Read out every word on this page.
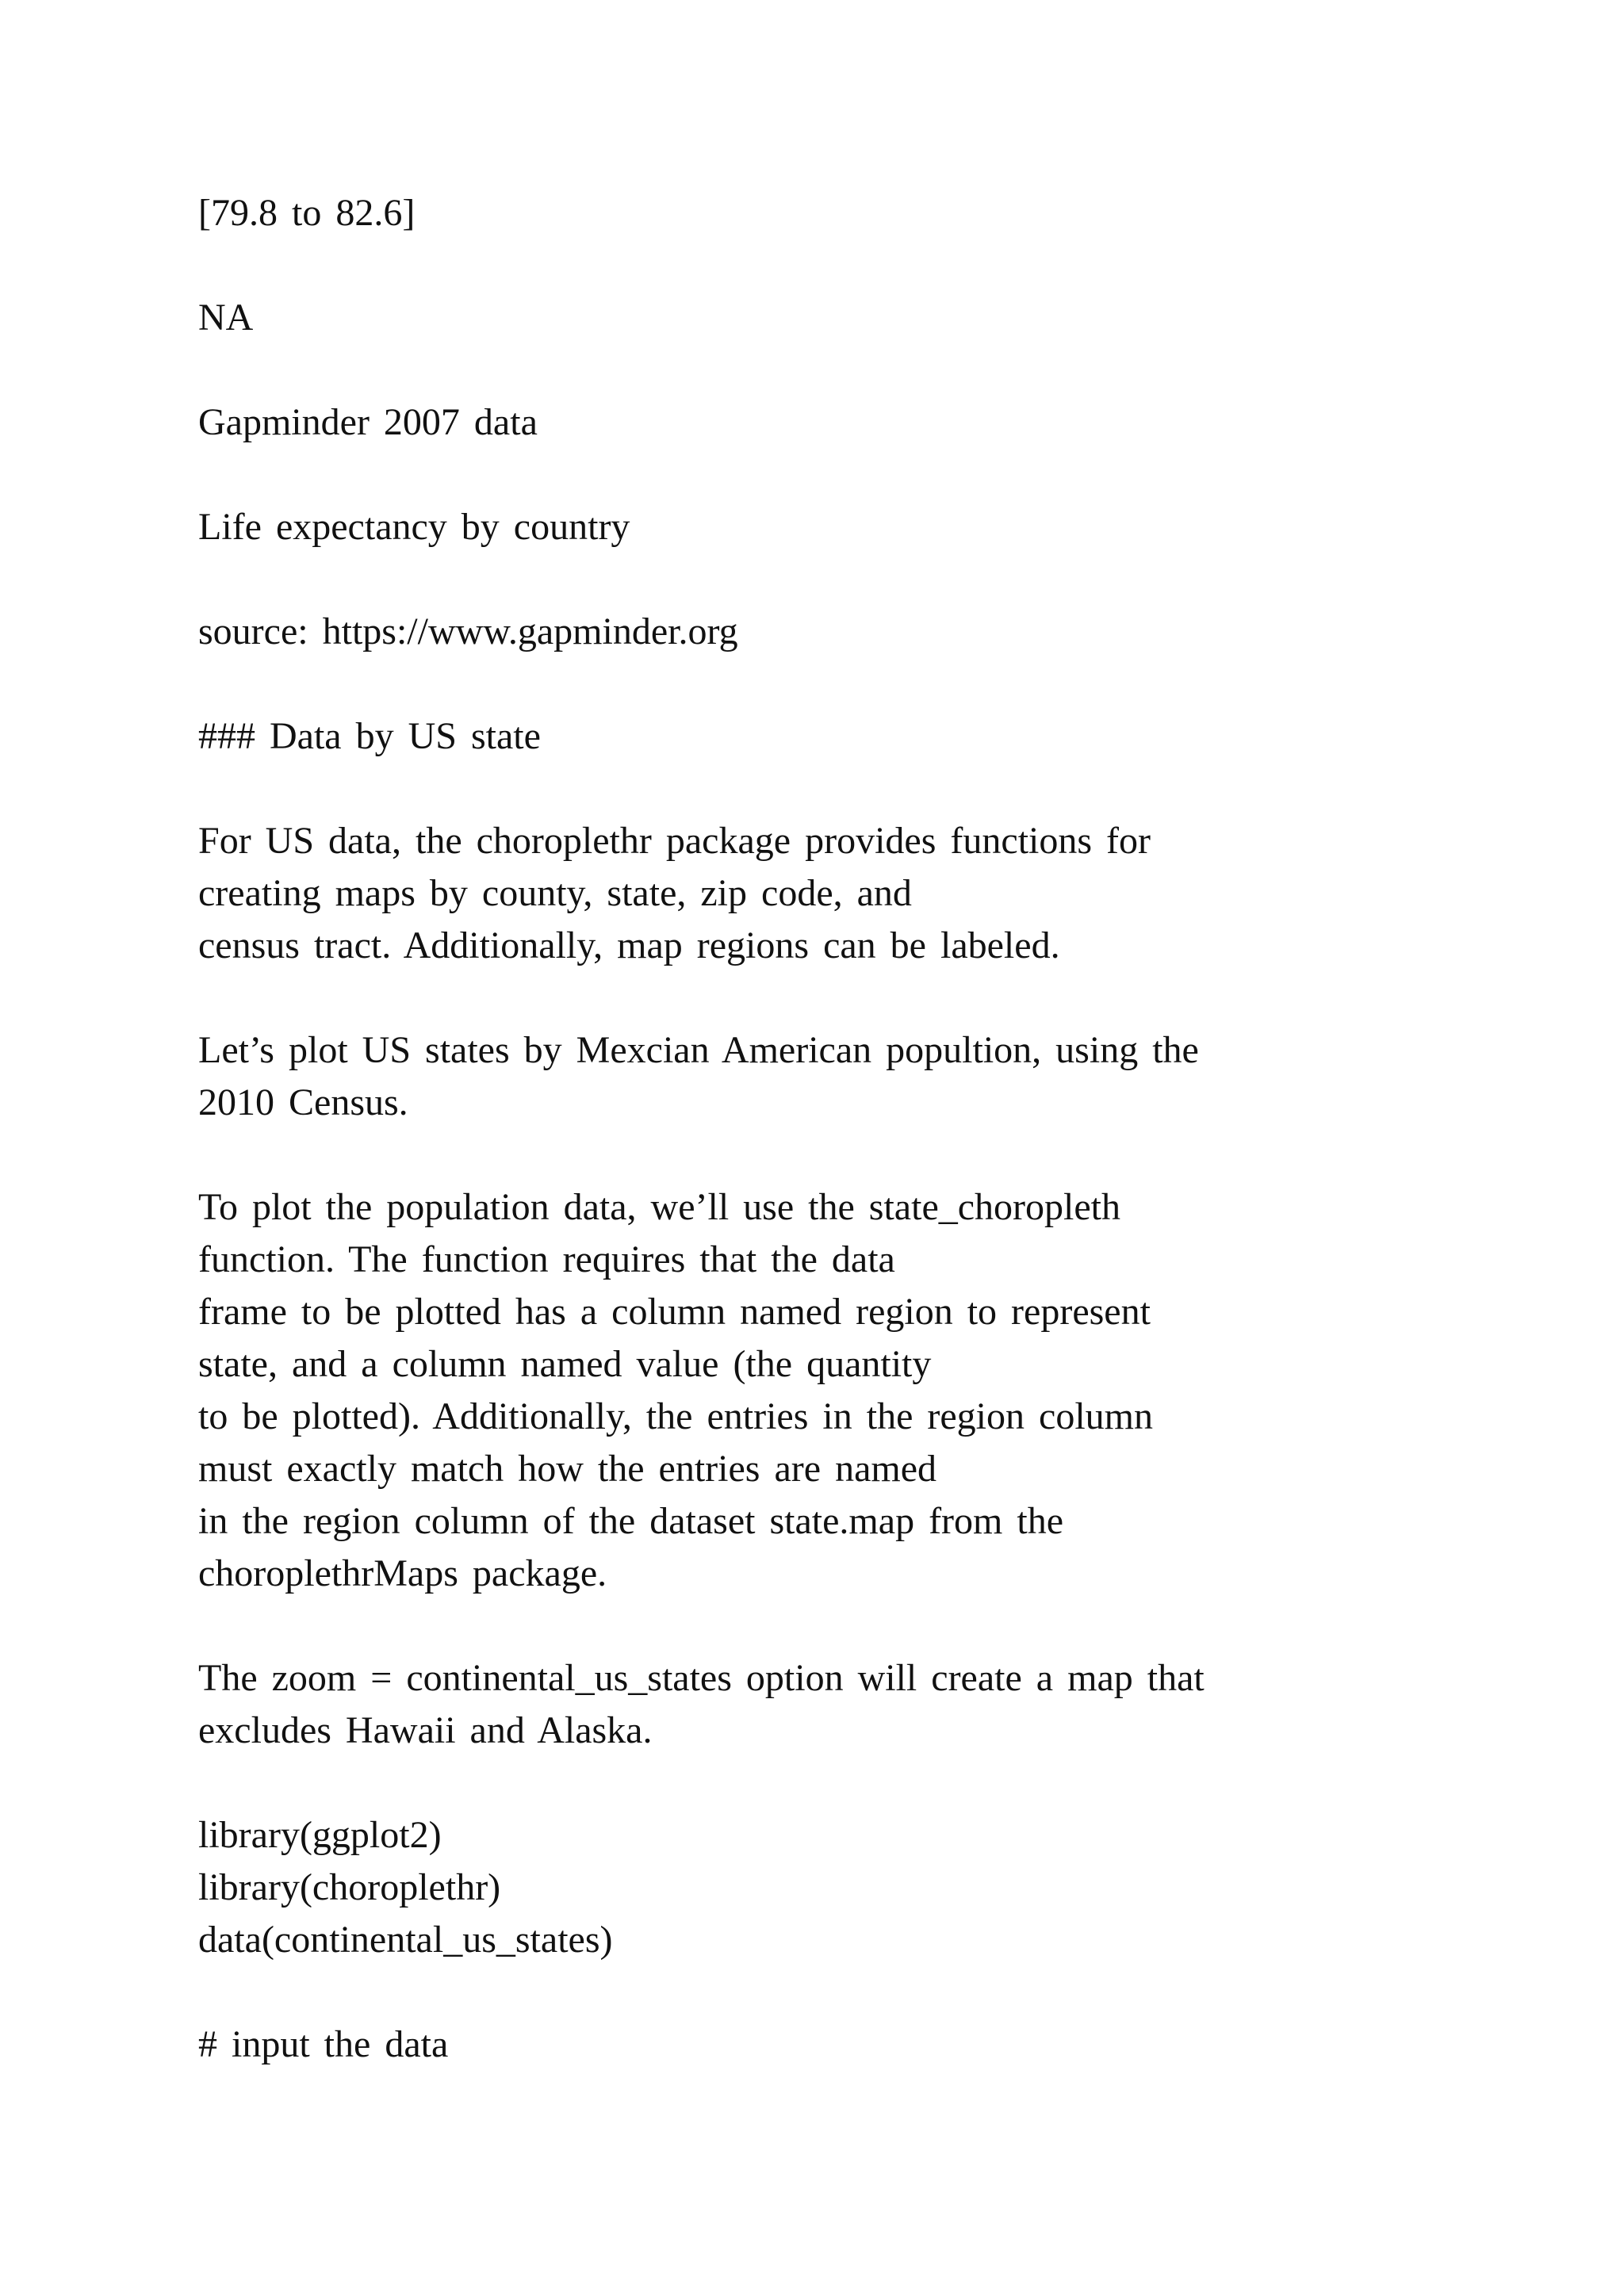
[79.8 to 82.6]

NA

Gapminder 2007 data

Life expectancy by country

source: https://www.gapminder.org

### Data by US state

For US data, the choroplethr package provides functions for

creating maps by county, state, zip code, and

census tract. Additionally, map regions can be labeled.

Let’s plot US states by Mexcian American popultion, using the

2010 Census.

To plot the population data, we’ll use the state_choropleth

function. The function requires that the data

frame to be plotted has a column named region to represent

state, and a column named value (the quantity

to be plotted). Additionally, the entries in the region column

must exactly match how the entries are named

in the region column of the dataset state.map from the

choroplethrMaps package.

The zoom = continental_us_states option will create a map that

excludes Hawaii and Alaska.

library(ggplot2)

library(choroplethr)

data(continental_us_states)

# input the data
